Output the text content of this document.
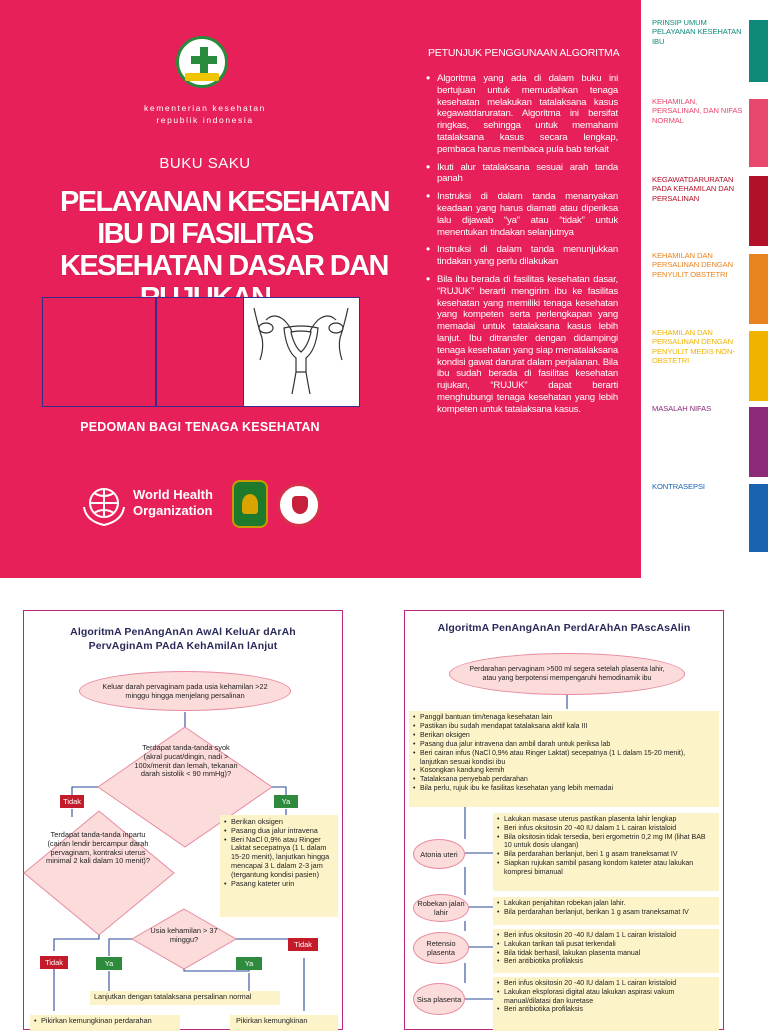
kementerian kesehatan
republik indonesia
BUKU SAKU
PELAYANAN KESEHATAN
IBU DI FASILITAS
KESEHATAN DASAR DAN
PEDOMAN BAGI TENAGA KESEHATAN
World Health
Organization
PETUNJUK PENGGUNAAN ALGORITMA
• Algoritma yang ada di dalam buku ini bertujuan untuk memudahkan tenaga kesehatan melakukan tatalaksana kasus kegawatdaruratan. Algoritma ini bersifat ringkas, sehingga untuk memahami tatalaksana kasus secara lengkap, pembaca harus membaca pula bab terkait
• Ikuti alur tatalaksana sesuai arah tanda panah
• Instruksi di dalam tanda menanyakan keadaan yang harus diamati atau diperiksa lalu dijawab “ya” atau “tidak” untuk menentukan tindakan selanjutnya
• Instruksi di dalam tanda menunjukkan tindakan yang perlu dilakukan
• Bila ibu berada di fasilitas kesehatan dasar, “RUJUK” berarti mengirim ibu ke fasilitas kesehatan yang memiliki tenaga kesehatan yang kompeten serta perlengkapan yang memadai untuk tatalaksana kasus lebih lanjut. Ibu ditransfer dengan didampingi tenaga kesehatan yang siap menatalaksana kondisi gawat darurat dalam perjalanan. Bila ibu sudah berada di fasilitas kesehatan rujukan, “RUJUK” dapat berarti menghubungi tenaga kesehatan yang lebih kompeten untuk tatalaksana kasus.
PRINSIP UMUM PELAYANAN KESEHATAN IBU
KEHAMILAN, PERSALINAN, DAN NIFAS NORMAL
KEGAWATDARURATAN PADA KEHAMILAN DAN PERSALINAN
KEHAMILAN DAN PERSALINAN DENGAN PENYULIT OBSTETRI
KEHAMILAN DAN PERSALINAN DENGAN PENYULIT MEDIS NON-OBSTETRI
MASALAH NIFAS
KONTRASEPSI
AlgoritmA PenAngAnAn AwAl KeluAr dArAh
PervAginAm PAdA KehAmilAn lAnjut
Keluar darah pervaginam pada usia kehamilan >22 minggu hingga menjelang persalinan
Terdapat tanda-tanda syok (akral pucat/dingin, nadi > 100x/menit dan lemah, tekanan darah sistolik < 90 mmHg)?
Tidak	Ya
Terdapat tanda-tanda inpartu (cairan lendir bercampur darah pervaginam, kontraksi uterus minimal 2 kali dalam 10 menit)?
• Berikan oksigen
• Pasang dua jalur intravena
• Beri NaCl 0,9% atau Ringer Laktat secepatnya (1 L dalam 15-20 menit), lanjutkan hingga mencapai 3 L dalam 2-3 jam (tergantung kondisi pasien)
• Pasang kateter urin
Usia kehamilan > 37 minggu?
Tidak	Ya	Ya
Tidak
Lanjutkan dengan tatalaksana persalinan normal
• Pikirkan kemungkinan perdarahan	Pikirkan kemungkinan
AlgoritmA PenAngAnAn PerdArAhAn PAscAsAlin
Perdarahan pervaginam >500 ml segera setelah plasenta lahir, atau yang berpotensi mempengaruhi hemodinamik ibu
• Panggil bantuan tim/tenaga kesehatan lain
• Pastikan ibu sudah mendapat tatalaksana aktif kala III
• Berikan oksigen
• Pasang dua jalur intravena dan ambil darah untuk periksa lab
• Beri cairan infus (NaCl 0,9% atau Ringer Laktat) secepatnya (1 L dalam 15-20 menit), lanjutkan sesuai kondisi ibu
• Kosongkan kandung kemih
• Tatalaksana penyebab perdarahan
• Bila perlu, rujuk ibu ke fasilitas kesehatan yang lebih memadai
Atonia uteri
• Lakukan masase uterus pastikan plasenta lahir lengkap
• Beri infus oksitosin 20 -40 IU dalam 1 L cairan kristaloid
• Bila oksitosin tidak tersedia, beri ergometrin 0,2 mg IM (lihat BAB 10 untuk dosis ulangan)
• Bila perdarahan berlanjut, beri 1 g asam traneksamat IV
• Siapkan rujukan sambil pasang kondom kateter atau lakukan kompresi bimanual
Robekan jalan lahir
• Lakukan penjahitan robekan jalan lahir.
• Bila perdarahan berlanjut, berikan 1 g asam traneksamat IV
Retensio plasenta
• Beri infus oksitosin 20 -40 IU dalam 1 L cairan kristaloid
• Lakukan tarikan tali pusat terkendali
• Bila tidak berhasil, lakukan plasenta manual
• Beri antibiotika profilaksis
Sisa plasenta
• Beri infus oksitosin 20 -40 IU dalam 1 L cairan kristaloid
• Lakukan eksplorasi digital atau lakukan aspirasi vakum manual/dilatasi dan kuretase
• Beri antibiotika profilaksis
